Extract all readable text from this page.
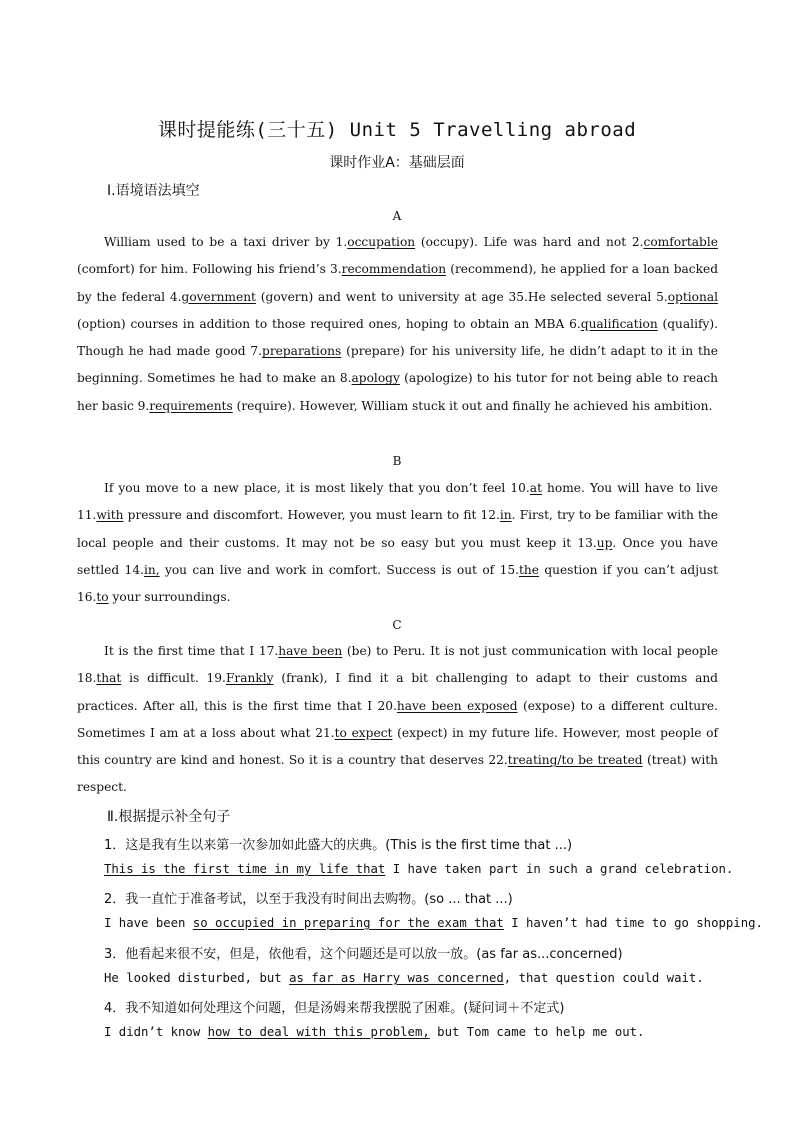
课时提能练(三十五) Unit 5 Travelling abroad
课时作业A：基础层面
Ⅰ.语境语法填空
A

William used to be a taxi driver by 1.occupation (occupy). Life was hard and not 2.comfortable (comfort) for him. Following his friend’s 3.recommendation (recommend), he applied for a loan backed by the federal 4.government (govern) and went to university at age 35.He selected several 5.optional (option) courses in addition to those required ones, hoping to obtain an MBA 6.qualification (qualify). Though he had made good 7.preparations (prepare) for his university life, he didn’t adapt to it in the beginning. Sometimes he had to make an 8.apology (apologize) to his tutor for not being able to reach her basic 9.requirements (require). However, William stuck it out and finally he achieved his ambition.

B

If you move to a new place, it is most likely that you don’t feel 10.at home. You will have to live 11.with pressure and discomfort. However, you must learn to fit 12.in. First, try to be familiar with the local people and their customs. It may not be so easy but you must keep it 13.up. Once you have settled 14.in, you can live and work in comfort. Success is out of 15.the question if you can’t adjust 16.to your surroundings.

C

It is the first time that I 17.have been (be) to Peru. It is not just communication with local people 18.that is difficult. 19.Frankly (frank), I find it a bit challenging to adapt to their customs and practices. After all, this is the first time that I 20.have been exposed (expose) to a different culture. Sometimes I am at a loss about what 21.to expect (expect) in my future life. However, most people of this country are kind and honest. So it is a country that deserves 22.treating/to be treated (treat) with respect.

Ⅱ.根据提示补全句子
1．这是我有生以来第一次参加如此盛大的庆典。(This is the first time that ...)
This is the first time in my life that I have taken part in such a grand celebration.
2．我一直忙于准备考试，以至于我没有时间出去购物。(so ... that ...)
I have been so occupied in preparing for the exam that I haven’t had time to go shopping.
3．他看起来很不安，但是，依他看，这个问题还是可以放一放。(as far as...concerned)
He looked disturbed, but as far as Harry was concerned, that question could wait.
4．我不知道如何处理这个问题，但是汤姆来帮我摆脱了困难。(疑问词＋不定式)
I didn’t know how to deal with this problem, but Tom came to help me out.
